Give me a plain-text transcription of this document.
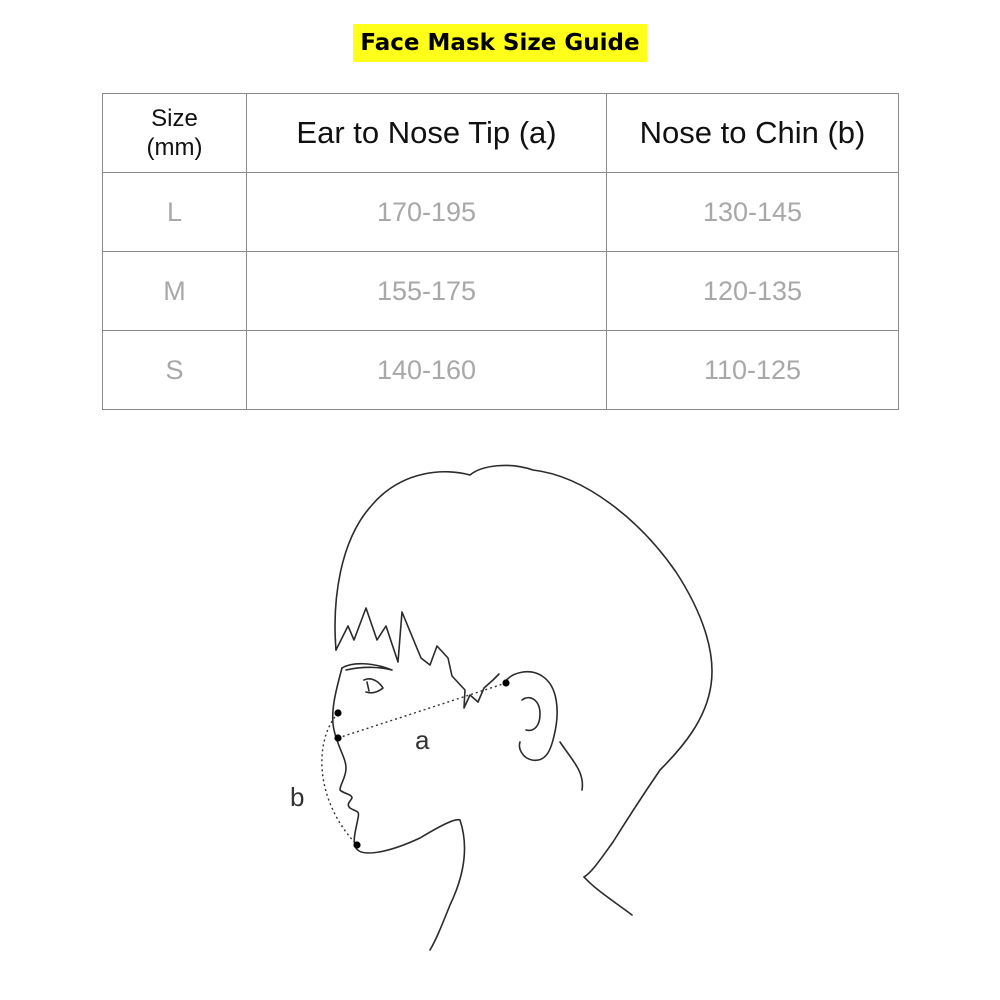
Face Mask Size Guide
Size
(mm)	Ear to Nose Tip (a)	Nose to Chin (b)
L	170-195	130-145
M	155-175	120-135
S	140-160	110-125
a
b
